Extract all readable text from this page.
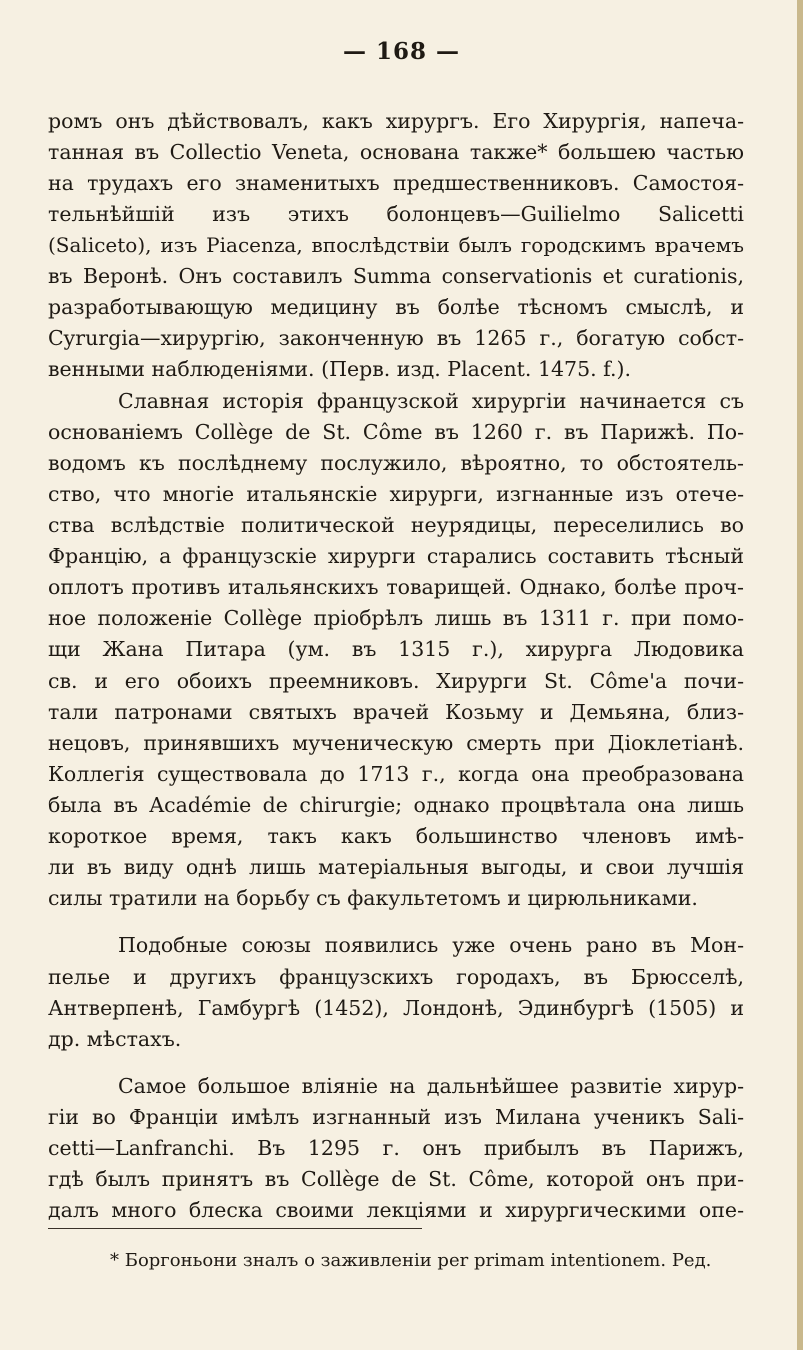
— 168 —
ромъ онъ дѣйствовалъ, какъ хирургъ. Его Хирургія, напеча-
танная въ Collectio Veneta, основана также* большею частью
на трудахъ его знаменитыхъ предшественниковъ. Самостоя-
тельнѣйшій изъ этихъ болонцевъ—Guilielmo Salicetti
(Saliceto), изъ Piacenza, впослѣдствіи былъ городскимъ врачемъ
въ Веронѣ. Онъ составилъ Summa conservationis et curationis,
разработывающую медицину въ болѣе тѣсномъ смыслѣ, и
Cyrurgia—хирургію, законченную въ 1265 г., богатую собст-
венными наблюденіями. (Перв. изд. Placent. 1475. f.).
Славная исторія французской хирургіи начинается съ
основаніемъ Collège de St. Côme въ 1260 г. въ Парижѣ. По-
водомъ къ послѣднему послужило, вѣроятно, то обстоятель-
ство, что многіе итальянскіе хирурги, изгнанные изъ отече-
ства вслѣдствіе политической неурядицы, переселились во
Францію, а французскіе хирурги старались составить тѣсный
оплотъ противъ итальянскихъ товарищей. Однако, болѣе проч-
ное положеніе Collège пріобрѣлъ лишь въ 1311 г. при помо-
щи Жана Питара (ум. въ 1315 г.), хирурга Людовика
св. и его обоихъ преемниковъ. Хирурги St. Côme'а почи-
тали патронами святыхъ врачей Козьму и Демьяна, близ-
нецовъ, принявшихъ мученическую смерть при Діоклетіанѣ.
Коллегія существовала до 1713 г., когда она преобразована
была въ Académie de chirurgie; однако процвѣтала она лишь
короткое время, такъ какъ большинство членовъ имѣ-
ли въ виду однѣ лишь матеріальныя выгоды, и свои лучшія
силы тратили на борьбу съ факультетомъ и цирюльниками.
Подобные союзы появились уже очень рано въ Мон-
пелье и другихъ французскихъ городахъ, въ Брюсселѣ,
Антверпенѣ, Гамбургѣ (1452), Лондонѣ, Эдинбургѣ (1505) и
др. мѣстахъ.
Самое большое вліяніе на дальнѣйшее развитіе хирур-
гіи во Франціи имѣлъ изгнанный изъ Милана ученикъ Sali-
cetti—Lanfranchi. Въ 1295 г. онъ прибылъ въ Парижъ,
гдѣ былъ принятъ въ Collège de St. Côme, которой онъ при-
далъ много блеска своими лекціями и хирургическими опе-
* Боргоньони зналъ о заживленіи per primam intentionem. Ред.
